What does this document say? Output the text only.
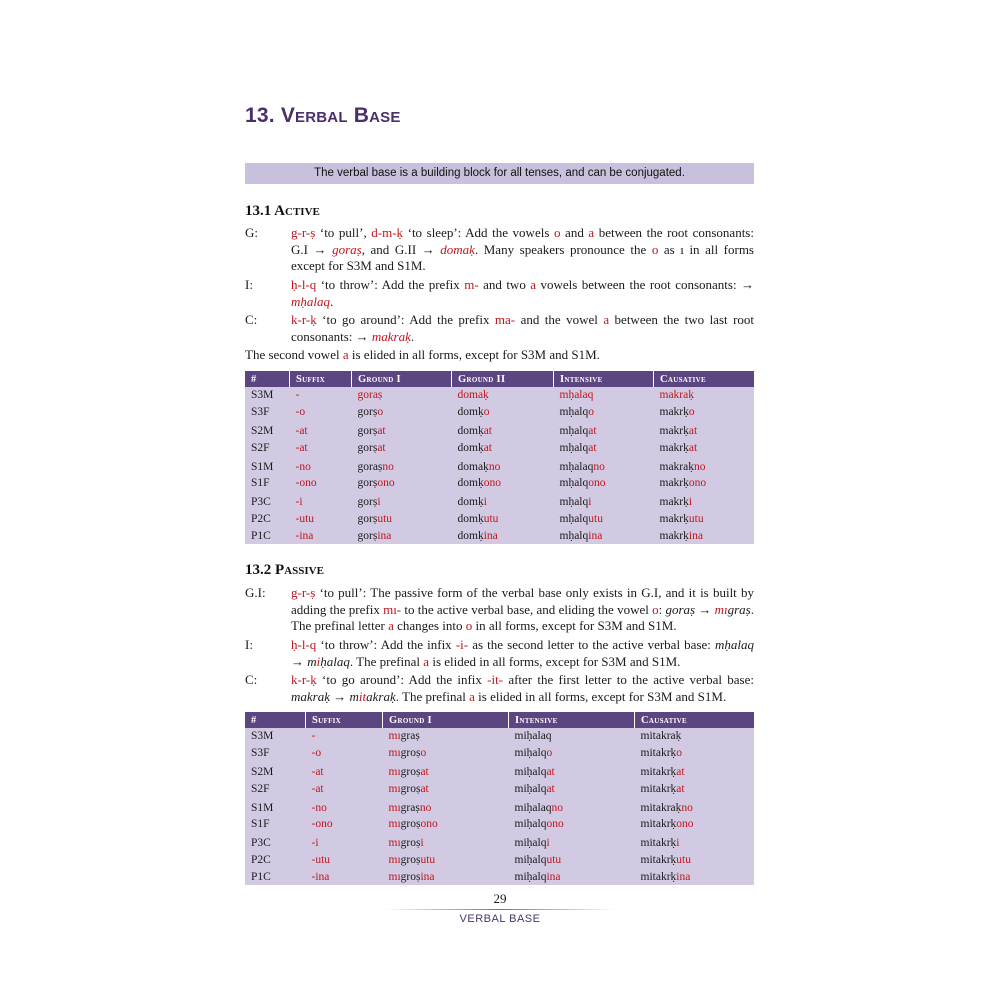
13. Verbal Base
The verbal base is a building block for all tenses, and can be conjugated.
13.1 Active
G:	g-r-ṣ ‘to pull’, d-m-ḳ ‘to sleep’: Add the vowels o and a between the root consonants: G.I → goraṣ, and G.II → domaḳ. Many speakers pronounce the o as ı in all forms except for S3M and S1M.
I:	ḥ-l-q ‘to throw’: Add the prefix m- and two a vowels between the root consonants: → mḥalaq.
C:	k-r-ḳ ‘to go around’: Add the prefix ma- and the vowel a between the two last root consonants: → makraḳ.
The second vowel a is elided in all forms, except for S3M and S1M.
#	Suffix	Ground I	Ground II	Intensive	Causative
S3M	-	goraṣ	domaḳ	mḥalaq	makraḳ
S3F	-o	gorṣo	domḳo	mḥalqo	makrḳo
S2M	-at	gorṣat	domḳat	mḥalqat	makrḳat
S2F	-at	gorṣat	domḳat	mḥalqat	makrḳat
S1M	-no	goraṣno	domaḳno	mḥalaqno	makraḳno
S1F	-ono	gorṣono	domḳono	mḥalqono	makrḳono
P3C	-i	gorṣi	domḳi	mḥalqi	makrḳi
P2C	-utu	gorṣutu	domḳutu	mḥalqutu	makrḳutu
P1C	-ina	gorṣina	domḳina	mḥalqina	makrḳina
13.2 Passive
G.I:	g-r-ṣ ‘to pull’: The passive form of the verbal base only exists in G.I, and it is built by adding the prefix mı- to the active verbal base, and eliding the vowel o: goraṣ → mıgraṣ. The prefinal letter a changes into o in all forms, except for S3M and S1M.
I:	ḥ-l-q ‘to throw’: Add the infix -i- as the second letter to the active verbal base: mḥalaq → miḥalaq. The prefinal a is elided in all forms, except for S3M and S1M.
C:	k-r-ḳ ‘to go around’: Add the infix -it- after the first letter to the active verbal base: makraḳ → mitakraḳ. The prefinal a is elided in all forms, except for S3M and S1M.
#	Suffix	Ground I	Intensive	Causative
S3M	-	mıgraṣ	miḥalaq	mitakraḳ
S3F	-o	mıgroṣo	miḥalqo	mitakrḳo
S2M	-at	mıgroṣat	miḥalqat	mitakrḳat
S2F	-at	mıgroṣat	miḥalqat	mitakrḳat
S1M	-no	mıgraṣno	miḥalaqno	mitakraḳno
S1F	-ono	mıgroṣono	miḥalqono	mitakrḳono
P3C	-i	mıgroṣi	miḥalqi	mitakrḳi
P2C	-utu	mıgroṣutu	miḥalqutu	mitakrḳutu
P1C	-ina	mıgroṣina	miḥalqina	mitakrḳina
29
VERBAL BASE
